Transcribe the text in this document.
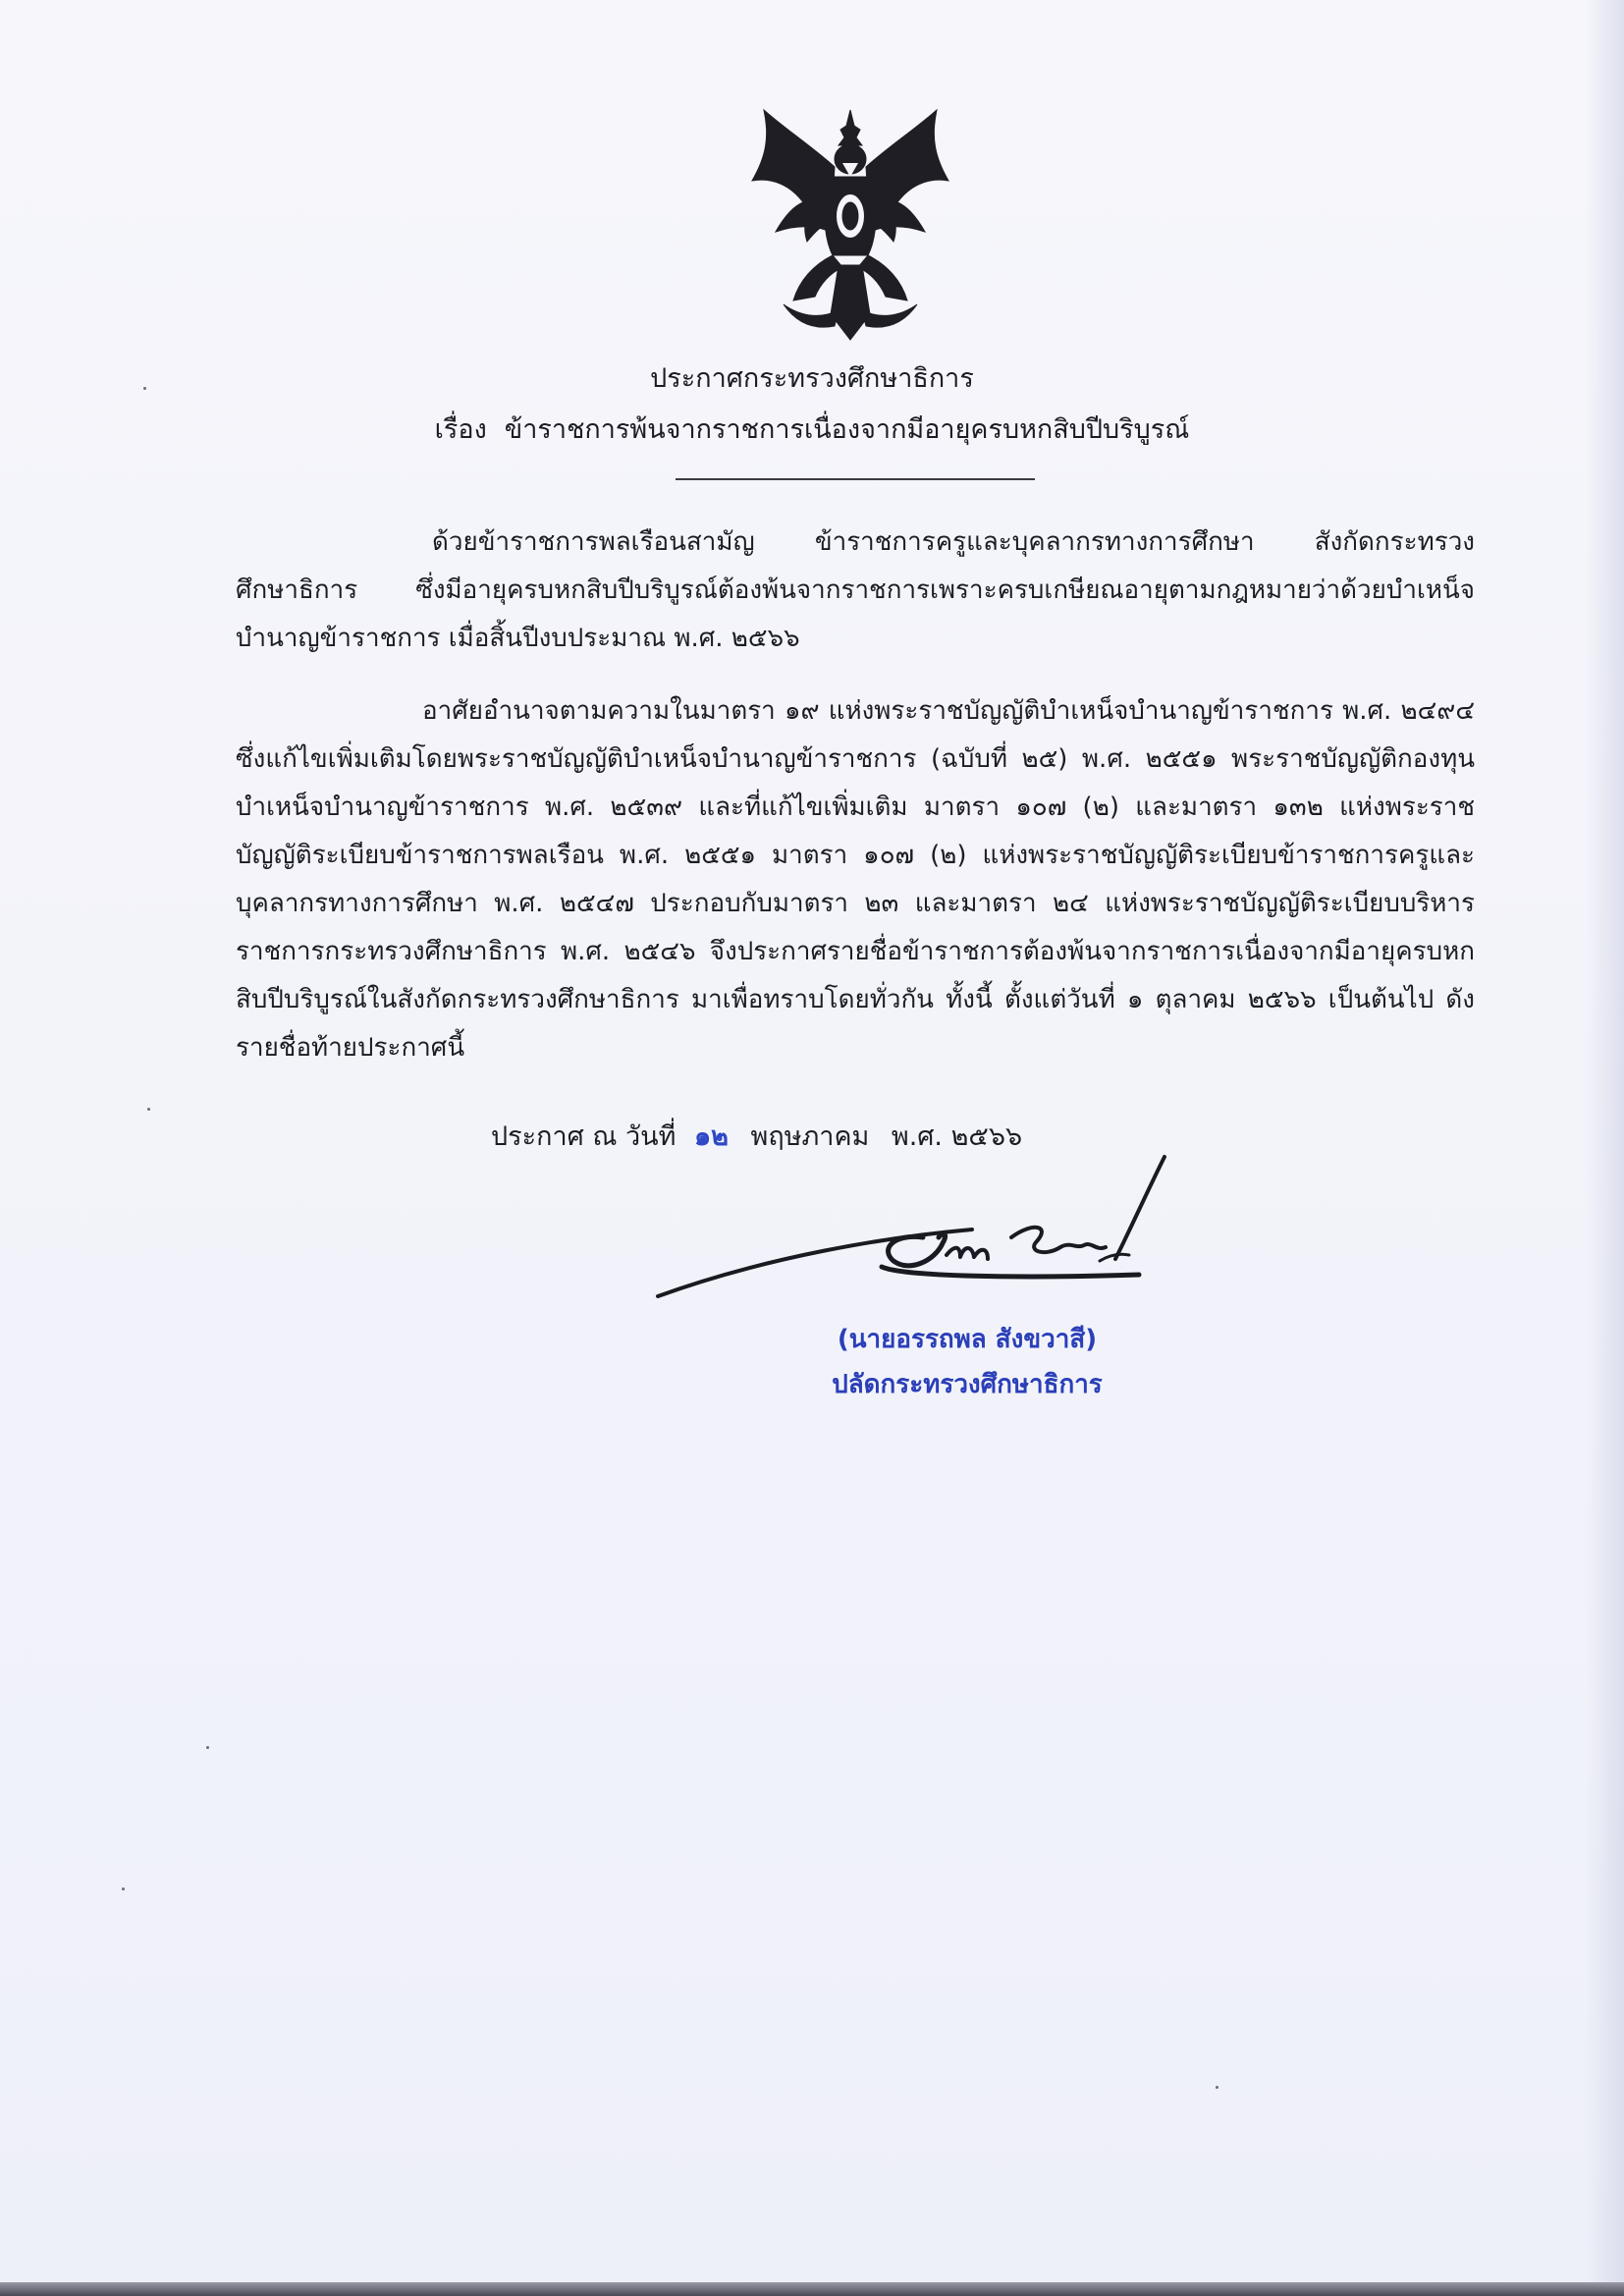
ประกาศกระทรวงศึกษาธิการ
เรื่อง ข้าราชการพ้นจากราชการเนื่องจากมีอายุครบหกสิบปีบริบูรณ์
ด้วยข้าราชการพลเรือนสามัญ ข้าราชการครูและบุคลากรทางการศึกษา สังกัดกระทรวงศึกษาธิการ ซึ่งมีอายุครบหกสิบปีบริบูรณ์ต้องพ้นจากราชการเพราะครบเกษียณอายุตามกฎหมายว่าด้วยบำเหน็จบำนาญข้าราชการ เมื่อสิ้นปีงบประมาณ พ.ศ. ๒๕๖๖
อาศัยอำนาจตามความในมาตรา ๑๙ แห่งพระราชบัญญัติบำเหน็จบำนาญข้าราชการ พ.ศ. ๒๔๙๔ ซึ่งแก้ไขเพิ่มเติมโดยพระราชบัญญัติบำเหน็จบำนาญข้าราชการ (ฉบับที่ ๒๕) พ.ศ. ๒๕๕๑ พระราชบัญญัติกองทุนบำเหน็จบำนาญข้าราชการ พ.ศ. ๒๕๓๙ และที่แก้ไขเพิ่มเติม มาตรา ๑๐๗ (๒) และมาตรา ๑๓๒ แห่งพระราชบัญญัติระเบียบข้าราชการพลเรือน พ.ศ. ๒๕๕๑ มาตรา ๑๐๗ (๒) แห่งพระราชบัญญัติระเบียบข้าราชการครูและบุคลากรทางการศึกษา พ.ศ. ๒๕๔๗ ประกอบกับมาตรา ๒๓ และมาตรา ๒๔ แห่งพระราชบัญญัติระเบียบบริหารราชการกระทรวงศึกษาธิการ พ.ศ. ๒๕๔๖ จึงประกาศรายชื่อข้าราชการต้องพ้นจากราชการเนื่องจากมีอายุครบหกสิบปีบริบูรณ์ในสังกัดกระทรวงศึกษาธิการ มาเพื่อทราบโดยทั่วกัน ทั้งนี้ ตั้งแต่วันที่ ๑ ตุลาคม ๒๕๖๖ เป็นต้นไป ดังรายชื่อท้ายประกาศนี้
ประกาศ ณ วันที่ ๑๒ พฤษภาคม พ.ศ. ๒๕๖๖
(นายอรรถพล สังขวาสี)
ปลัดกระทรวงศึกษาธิการ
